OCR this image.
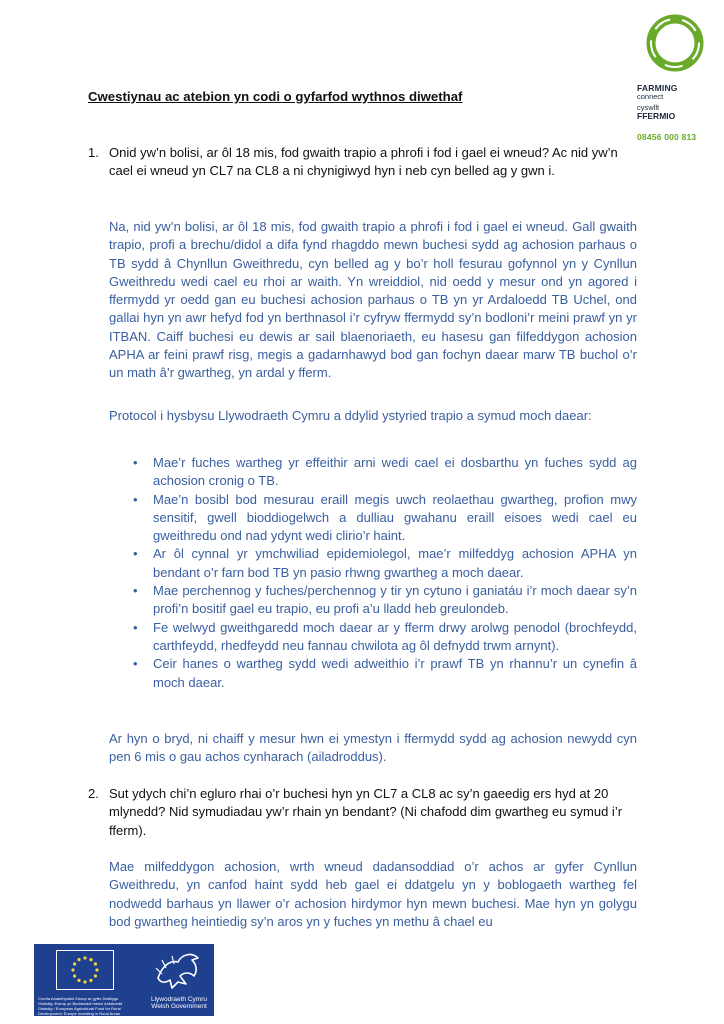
FARMING
connect
cyswllt
FFERMIO
08456 000 813
Cwestiynau ac atebion yn codi o gyfarfod wythnos diwethaf
1. Onid yw’n bolisi, ar ôl 18 mis, fod gwaith trapio a phrofi i fod i gael ei wneud? Ac nid yw’n cael ei wneud yn CL7 na CL8 a ni chynigiwyd hyn i neb cyn belled ag y gwn i.

Na, nid yw’n bolisi, ar ôl 18 mis, fod gwaith trapio a phrofi i fod i gael ei wneud. Gall gwaith trapio, profi a brechu/didol a difa fynd rhagddo mewn buchesi sydd ag achosion parhaus o TB sydd â Chynllun Gweithredu, cyn belled ag y bo’r holl fesurau gofynnol yn y Cynllun Gweithredu wedi cael eu rhoi ar waith. Yn wreiddiol, nid oedd y mesur ond yn agored i ffermydd yr oedd gan eu buchesi achosion parhaus o TB yn yr Ardaloedd TB Uchel, ond gallai hyn yn awr hefyd fod yn berthnasol i’r cyfryw ffermydd sy’n bodloni’r meini prawf yn yr ITBAN. Caiff buchesi eu dewis ar sail blaenoriaeth, eu hasesu gan filfeddygon achosion APHA ar feini prawf risg, megis a gadarnhawyd bod gan fochyn daear marw TB buchol o’r un math â’r gwartheg, yn ardal y fferm.

Protocol i hysbysu Llywodraeth Cymru a ddylid ystyried trapio a symud moch daear:

• Mae’r fuches wartheg yr effeithir arni wedi cael ei dosbarthu yn fuches sydd ag achosion cronig o TB.
• Mae’n bosibl bod mesurau eraill megis uwch reolaethau gwartheg, profion mwy sensitif, gwell bioddiogelwch a dulliau gwahanu eraill eisoes wedi cael eu gweithredu ond nad ydynt wedi clirio’r haint.
• Ar ôl cynnal yr ymchwiliad epidemiolegol, mae’r milfeddyg achosion APHA yn bendant o’r farn bod TB yn pasio rhwng gwartheg a moch daear.
• Mae perchennog y fuches/perchennog y tir yn cytuno i ganiatáu i’r moch daear sy’n profi’n bositif gael eu trapio, eu profi a’u lladd heb greulondeb.
• Fe welwyd gweithgaredd moch daear ar y fferm drwy arolwg penodol (brochfeydd, carthfeydd, rhedfeydd neu fannau chwilota ag ôl defnydd trwm arnynt).
• Ceir hanes o wartheg sydd wedi adweithio i’r prawf TB yn rhannu’r un cynefin â moch daear.

Ar hyn o bryd, ni chaiff y mesur hwn ei ymestyn i ffermydd sydd ag achosion newydd cyn pen 6 mis o gau achos cynharach (ailadroddus).

2. Sut ydych chi’n egluro rhai o’r buchesi hyn yn CL7 a CL8 ac sy’n gaeedig ers hyd at 20 mlynedd? Nid symudiadau yw’r rhain yn bendant? (Ni chafodd dim gwartheg eu symud i’r fferm).

Mae milfeddygon achosion, wrth wneud dadansoddiad o’r achos ar gyfer Cynllun Gweithredu, yn canfod haint sydd heb gael ei ddatgelu yn y boblogaeth wartheg fel nodwedd barhaus yn llawer o’r achosion hirdymor hyn mewn buchesi. Mae hyn yn golygu bod gwartheg heintiedig sy’n aros yn y fuches yn methu â chael eu

Cronfa Amaethyddol Ewrop ar gyfer Datblygu Gwledig: Ewrop yn Buddsoddi mewn Ardaloedd Gwledig / European Agricultural Fund for Rural Development: Europe Investing in Rural Areas
Llywodraeth Cymru
Welsh Government
